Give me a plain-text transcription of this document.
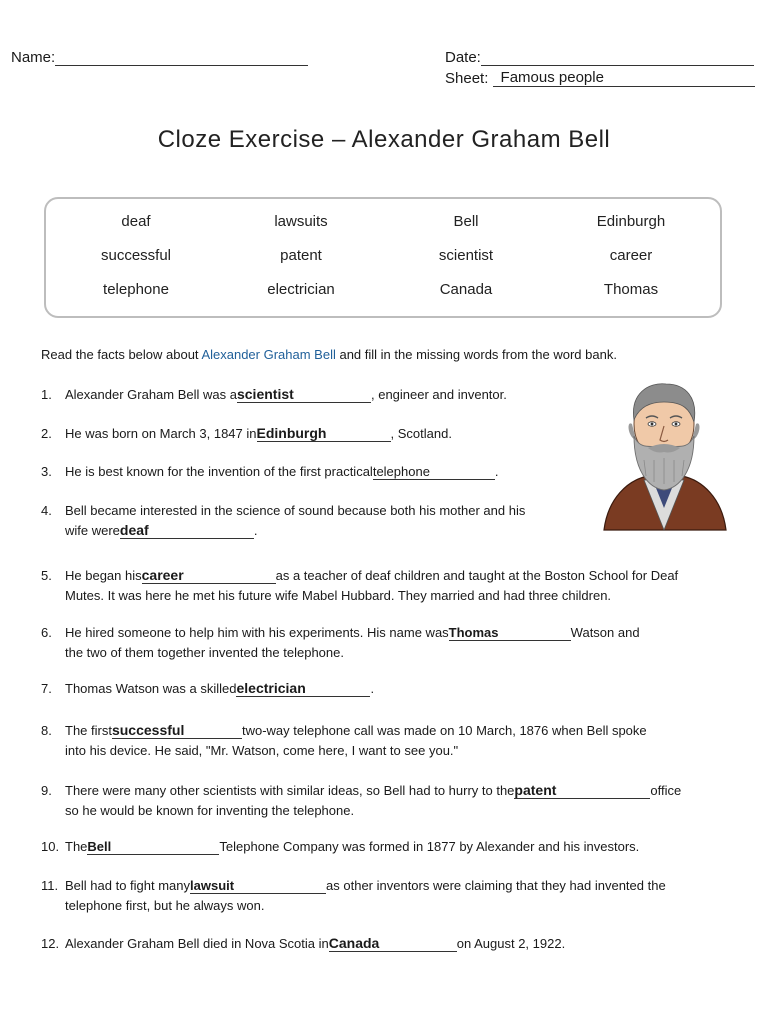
Name:	Date:
Sheet: Famous people
Cloze Exercise – Alexander Graham Bell
deaf	lawsuits	Bell	Edinburgh
successful	patent	scientist	career
telephone	electrician	Canada	Thomas
Read the facts below about Alexander Graham Bell and fill in the missing words from the word bank.
1. Alexander Graham Bell was ascientist	, engineer and inventor.
2. He was born on March 3, 1847 inEdinburgh	, Scotland.
3. He is best known for the invention of the first practicaltelephone	.
4. Bell became interested in the science of sound because both his mother and his
wife weredeaf	.
5. He began hiscareer	as a teacher of deaf children and taught at the Boston School for Deaf
Mutes. It was here he met his future wife Mabel Hubbard. They married and had three children.
6. He hired someone to help him with his experiments. His name wasThomas	Watson and
the two of them together invented the telephone.
7. Thomas Watson was a skilledelectrician	.
8. The firstsuccessful	two-way telephone call was made on 10 March, 1876 when Bell spoke
into his device. He said, "Mr. Watson, come here, I want to see you."
9. There were many other scientists with similar ideas, so Bell had to hurry to thepatent	office
so he would be known for inventing the telephone.
10. TheBell	Telephone Company was formed in 1877 by Alexander and his investors.
11. Bell had to fight manylawsuit	as other inventors were claiming that they had invented the
telephone first, but he always won.
12. Alexander Graham Bell died in Nova Scotia inCanada	on August 2, 1922.
